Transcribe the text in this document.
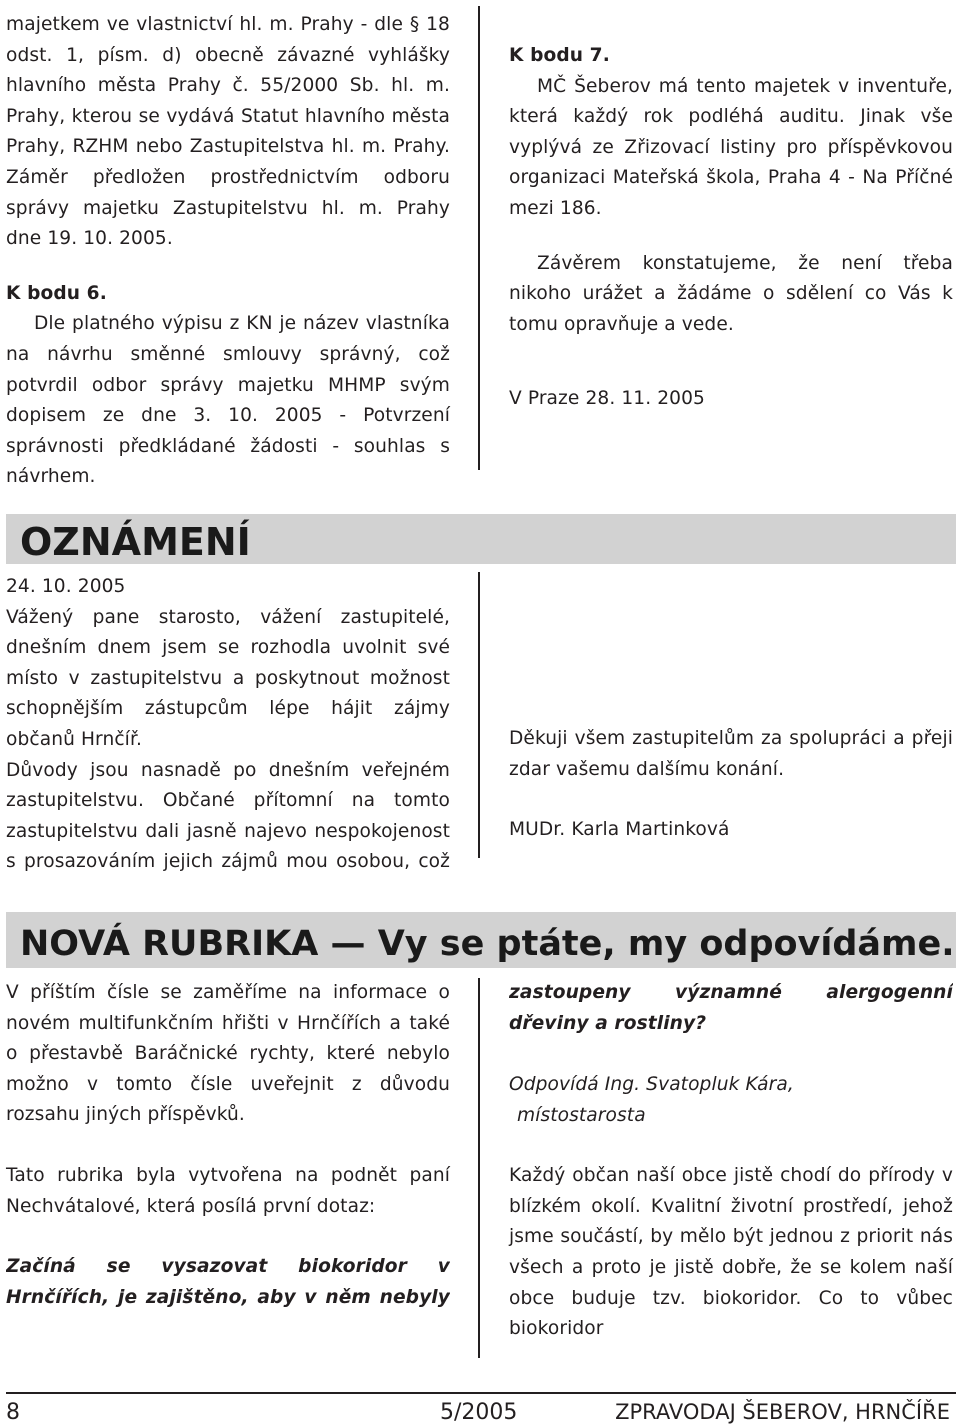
majetkem ve vlastnictví hl. m. Prahy - dle § 18 odst. 1, písm. d) obecně závazné vyhlášky hlavního města Prahy č. 55/2000 Sb. hl. m. Prahy, kterou se vydává Statut hlavního města Prahy, RZHM nebo Zastupitelstva hl. m. Prahy. Záměr předložen prostřednictvím odboru správy majetku Zastupitelstvu hl. m. Prahy dne 19. 10. 2005.

K bodu 6.

Dle platného výpisu z KN je název vlastníka na návrhu směnné smlouvy správný, což potvrdil odbor správy majetku MHMP svým dopisem ze dne 3. 10. 2005 - Potvrzení správnosti předkládané žádosti - souhlas s návrhem.

K bodu 7.

MČ Šeberov má tento majetek v inventuře, která každý rok podléhá auditu. Jinak vše vyplývá ze Zřizovací listiny pro příspěvkovou organizaci Mateřská škola, Praha 4 - Na Příčné mezi 186.

Závěrem konstatujeme, že není třeba nikoho urážet a žádáme o sdělení co Vás k tomu opravňuje a vede.

V Praze 28. 11. 2005

OZNÁMENÍ

24. 10. 2005

Vážený pane starosto, vážení zastupitelé, dnešním dnem jsem se rozhodla uvolnit své místo v zastupitelstvu a poskytnout možnost schopnějším zástupcům lépe hájit zájmy občanů Hrnčíř.

Důvody jsou nasnadě po dnešním veřejném zastupitelstvu. Občané přítomní na tomto zastupitelstvu dali jasně najevo nespokojenost s prosazováním jejich zájmů mou osobou, což

Děkuji všem zastupitelům za spolupráci a přeji zdar vašemu dalšímu konání.

MUDr. Karla Martinková

NOVÁ RUBRIKA — Vy se ptáte, my odpovídáme.

V příštím čísle se zaměříme na informace o novém multifunkčním hřišti v Hrnčířích a také o přestavbě Baráčnické rychty, které nebylo možno v tomto čísle uveřejnit z důvodu rozsahu jiných příspěvků.

Tato rubrika byla vytvořena na podnět paní Nechvátalové, která posílá první dotaz:

Začíná se vysazovat biokoridor v Hrnčířích, je zajištěno, aby v něm nebyly

zastoupeny významné alergogenní dřeviny a rostliny?

Odpovídá Ing. Svatopluk Kára,

místostarosta

Každý občan naší obce jistě chodí do přírody v blízkém okolí. Kvalitní životní prostředí, jehož jsme součástí, by mělo být jednou z priorit nás všech a proto je jistě dobře, že se kolem naší obce buduje tzv. biokoridor. Co to vůbec biokoridor

8	5/2005	ZPRAVODAJ ŠEBEROV, HRNČÍŘE
